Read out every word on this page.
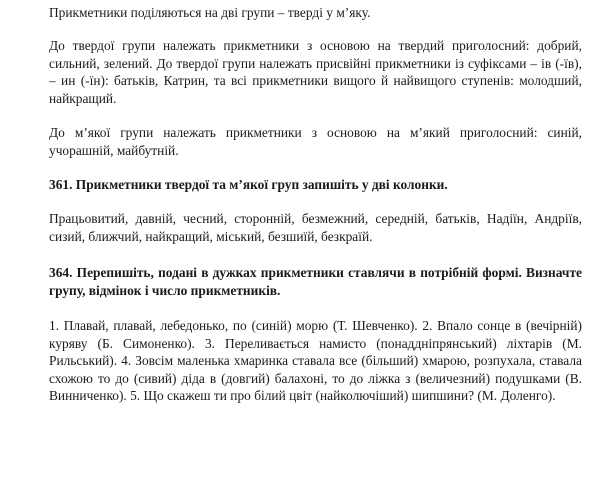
Прикметники поділяються на дві групи – тверді у м’яку.

До твердої групи належать прикметники з основою на твердий приголосний: добрий, сильний, зелений. До твердої групи належать присвійні прикметники із суфіксами – ів (-їв), – ин (-їн): батьків, Катрин, та всі прикметники вищого й найвищого ступенів: молодший, найкращий.

До м’якої групи належать прикметники з основою на м’який приголосний: синій, учорашній, майбутній.

361. Прикметники твердої та м’якої груп запишіть у дві колонки.

Працьовитий, давній, чесний, сторонній, безмежний, середній, батьків, Надіїн, Андріїв, сизий, ближчий, найкращий, міський, безшиїй, безкраїй.

364. Перепишіть, подані в дужках прикметники ставлячи в потрібній формі. Визначте групу, відмінок і число прикметників.

1. Плавай, плавай, лебедонько, по (синій) морю (Т. Шевченко). 2. Впало сонце в (вечірній) куряву (Б. Симоненко). 3. Переливається намисто (понаддніпрянський) ліхтарів (М. Рильський). 4. Зовсім маленька хмаринка ставала все (більший) хмарою, розпухала, ставала схожою то до (сивий) діда в (довгий) балахоні, то до ліжка з (величезний) подушками (В. Винниченко). 5. Що скажеш ти про білий цвіт (найколючіший) шипшини? (М. Доленго).
